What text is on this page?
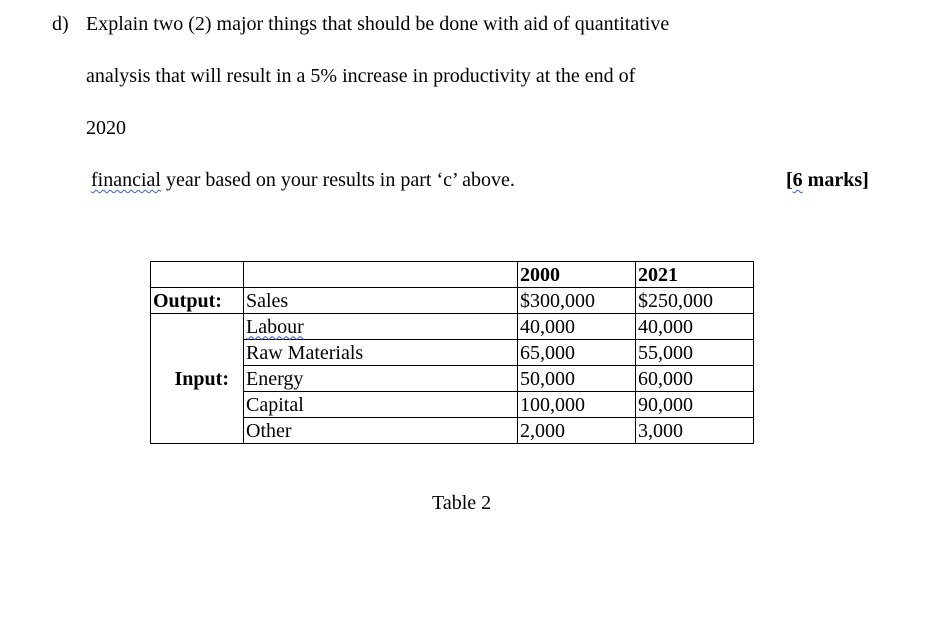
d) Explain two (2) major things that should be done with aid of quantitative
analysis that will result in a 5% increase in productivity at the end of
2020
financial year based on your results in part ‘c’ above.	[6 marks]
		2000	2021
Output:	Sales	$300,000	$250,000
Input:	Labour	40,000	40,000
	Raw Materials	65,000	55,000
	Energy	50,000	60,000
	Capital	100,000	90,000
	Other	2,000	3,000
Table 2
